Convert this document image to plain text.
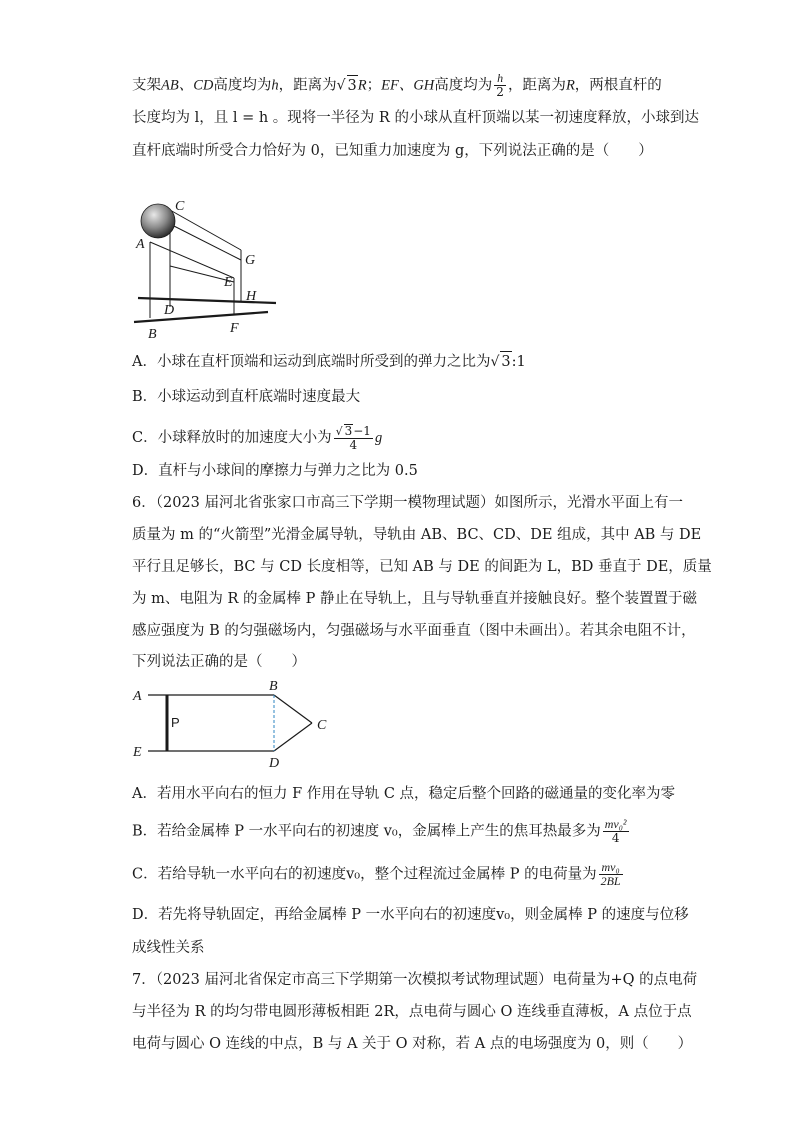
支架AB、CD高度均为h，距离为√ 3R；EF、GH高度均为 $\frac{h}{2}$ ，距离为R，两根直杆的
长度均为 l，且 l = h 。现将一半径为 R 的小球从直杆顶端以某一初速度释放，小球到达
直杆底端时所受合力恰好为 0，已知重力加速度为 g，下列说法正确的是（　　）
C
A
G
E
H
D
B	F
A．小球在直杆顶端和运动到底端时所受到的弹力之比为√ 3:1
B．小球运动到直杆底端时速度最大
C．小球释放时的加速度大小为 $\frac{√ 3-1}{4}$ g
D．直杆与小球间的摩擦力与弹力之比为 0.5
6．（2023 届河北省张家口市高三下学期一模物理试题）如图所示，光滑水平面上有一
质量为 m 的“火箭型”光滑金属导轨，导轨由 AB、BC、CD、DE 组成，其中 AB 与 DE
平行且足够长，BC 与 CD 长度相等，已知 AB 与 DE 的间距为 L，BD 垂直于 DE，质量
为 m、电阻为 R 的金属棒 P 静止在导轨上，且与导轨垂直并接触良好。整个装置置于磁
感应强度为 B 的匀强磁场内，匀强磁场与水平面垂直（图中未画出）。若其余电阻不计，
下列说法正确的是（　　）
A
B
P	C
E
D
A．若用水平向右的恒力 F 作用在导轨 C 点，稳定后整个回路的磁通量的变化率为零
B．若给金属棒 P 一水平向右的初速度 v₀，金属棒上产生的焦耳热最多为 $\frac{\text{mv₀²}}{4}$
C．若给导轨一水平向右的初速度v₀，整个过程流过金属棒 P 的电荷量为 $\frac{\text{mv₀}}{2BL}$
D．若先将导轨固定，再给金属棒 P 一水平向右的初速度v₀，则金属棒 P 的速度与位移
成线性关系
7．（2023 届河北省保定市高三下学期第一次模拟考试物理试题）电荷量为+Q 的点电荷
与半径为 R 的均匀带电圆形薄板相距 2R，点电荷与圆心 O 连线垂直薄板，A 点位于点
电荷与圆心 O 连线的中点，B 与 A 关于 O 对称，若 A 点的电场强度为 0，则（　　）
